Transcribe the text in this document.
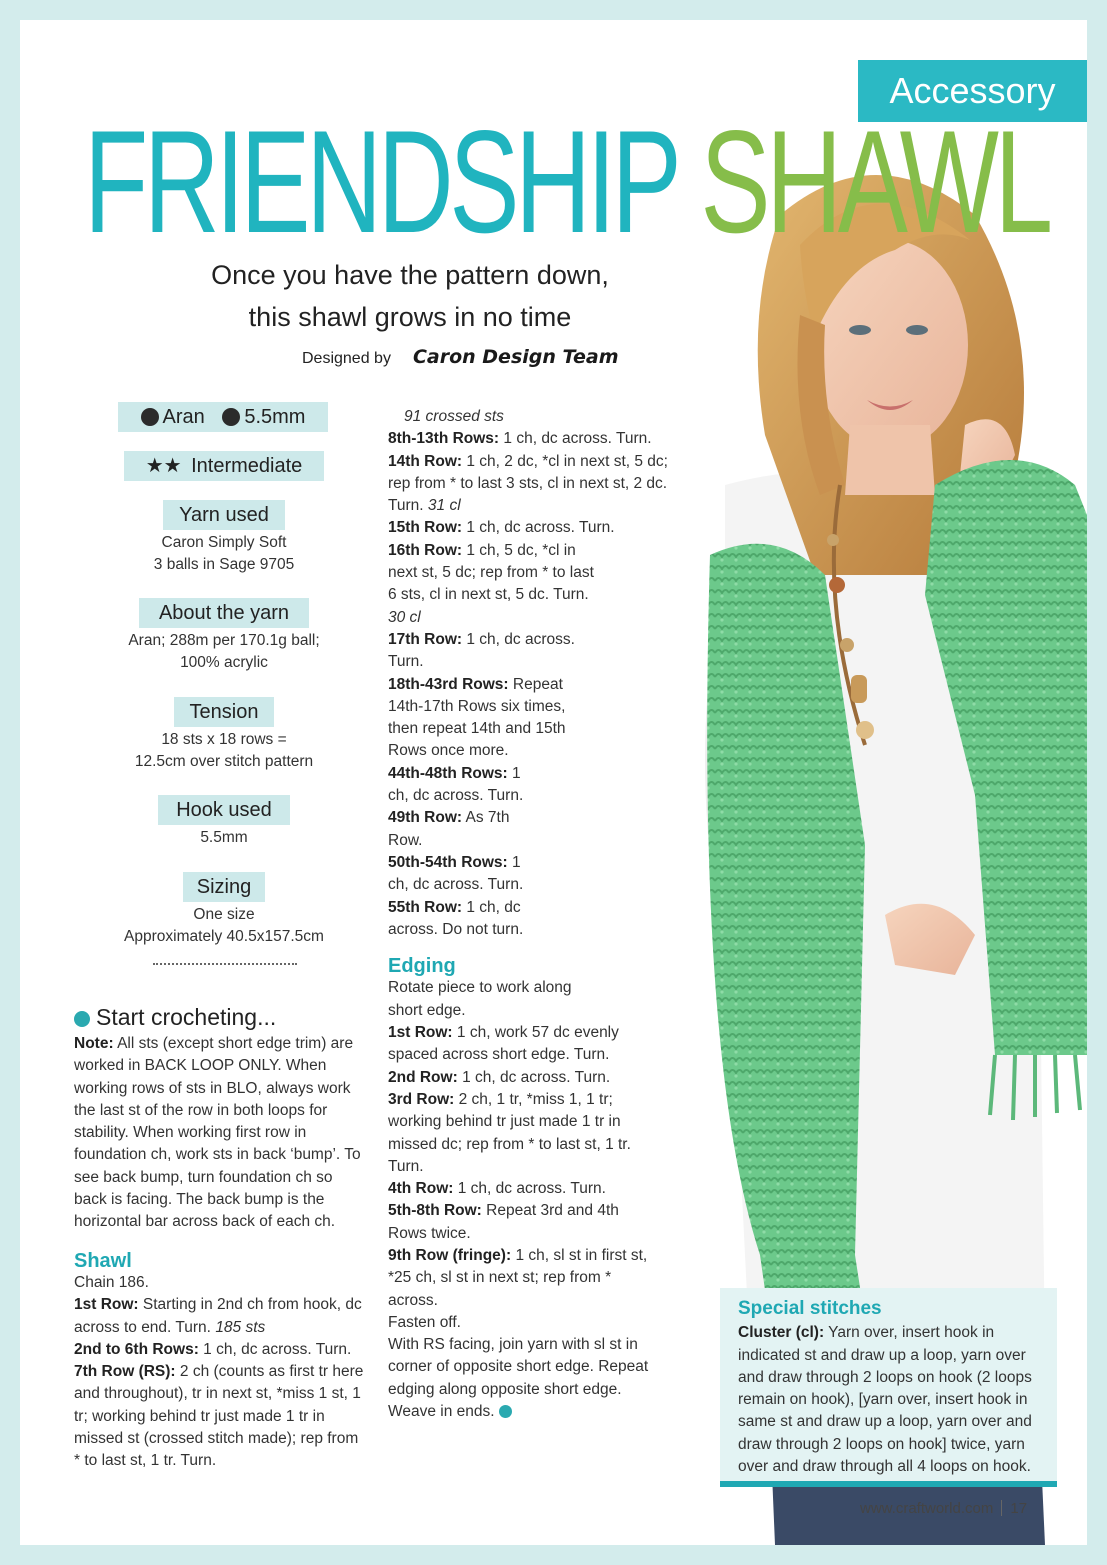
Accessory
FRIENDSHIP SHAWL
Once you have the pattern down,
this shawl grows in no time
Designed by Caron Design Team
Aran 5.5mm
★★ Intermediate
Yarn used
Caron Simply Soft
3 balls in Sage 9705
About the yarn
Aran; 288m per 170.1g ball;
100% acrylic
Tension
18 sts x 18 rows =
12.5cm over stitch pattern
Hook used
5.5mm
Sizing
One size
Approximately 40.5x157.5cm
Start crocheting...
Note: All sts (except short edge trim) are worked in BACK LOOP ONLY. When working rows of sts in BLO, always work the last st of the row in both loops for stability. When working first row in foundation ch, work sts in back ‘bump’. To see back bump, turn foundation ch so back is facing. The back bump is the horizontal bar across back of each ch.
Shawl
Chain 186.
1st Row: Starting in 2nd ch from hook, dc across to end. Turn. 185 sts
2nd to 6th Rows: 1 ch, dc across. Turn.
7th Row (RS): 2 ch (counts as first tr here and throughout), tr in next st, *miss 1 st, 1 tr; working behind tr just made 1 tr in missed st (crossed stitch made); rep from * to last st, 1 tr. Turn.
91 crossed sts
8th-13th Rows: 1 ch, dc across. Turn.
14th Row: 1 ch, 2 dc, *cl in next st, 5 dc; rep from * to last 3 sts, cl in next st, 2 dc. Turn. 31 cl
15th Row: 1 ch, dc across. Turn.
16th Row: 1 ch, 5 dc, *cl in next st, 5 dc; rep from * to last 6 sts, cl in next st, 5 dc. Turn. 30 cl
17th Row: 1 ch, dc across. Turn.
18th-43rd Rows: Repeat 14th-17th Rows six times, then repeat 14th and 15th Rows once more.
44th-48th Rows: 1 ch, dc across. Turn.
49th Row: As 7th Row.
50th-54th Rows: 1 ch, dc across. Turn.
55th Row: 1 ch, dc across. Do not turn.
Edging
Rotate piece to work along short edge.
1st Row: 1 ch, work 57 dc evenly spaced across short edge. Turn.
2nd Row: 1 ch, dc across. Turn.
3rd Row: 2 ch, 1 tr, *miss 1, 1 tr; working behind tr just made 1 tr in missed dc; rep from * to last st, 1 tr. Turn.
4th Row: 1 ch, dc across. Turn.
5th-8th Row: Repeat 3rd and 4th Rows twice.
9th Row (fringe): 1 ch, sl st in first st, *25 ch, sl st in next st; rep from * across.
Fasten off.
With RS facing, join yarn with sl st in corner of opposite short edge. Repeat edging along opposite short edge. Weave in ends.
Special stitches
Cluster (cl): Yarn over, insert hook in indicated st and draw up a loop, yarn over and draw through 2 loops on hook (2 loops remain on hook), [yarn over, insert hook in same st and draw up a loop, yarn over and draw through 2 loops on hook] twice, yarn over and draw through all 4 loops on hook.
www.craftworld.com 17
